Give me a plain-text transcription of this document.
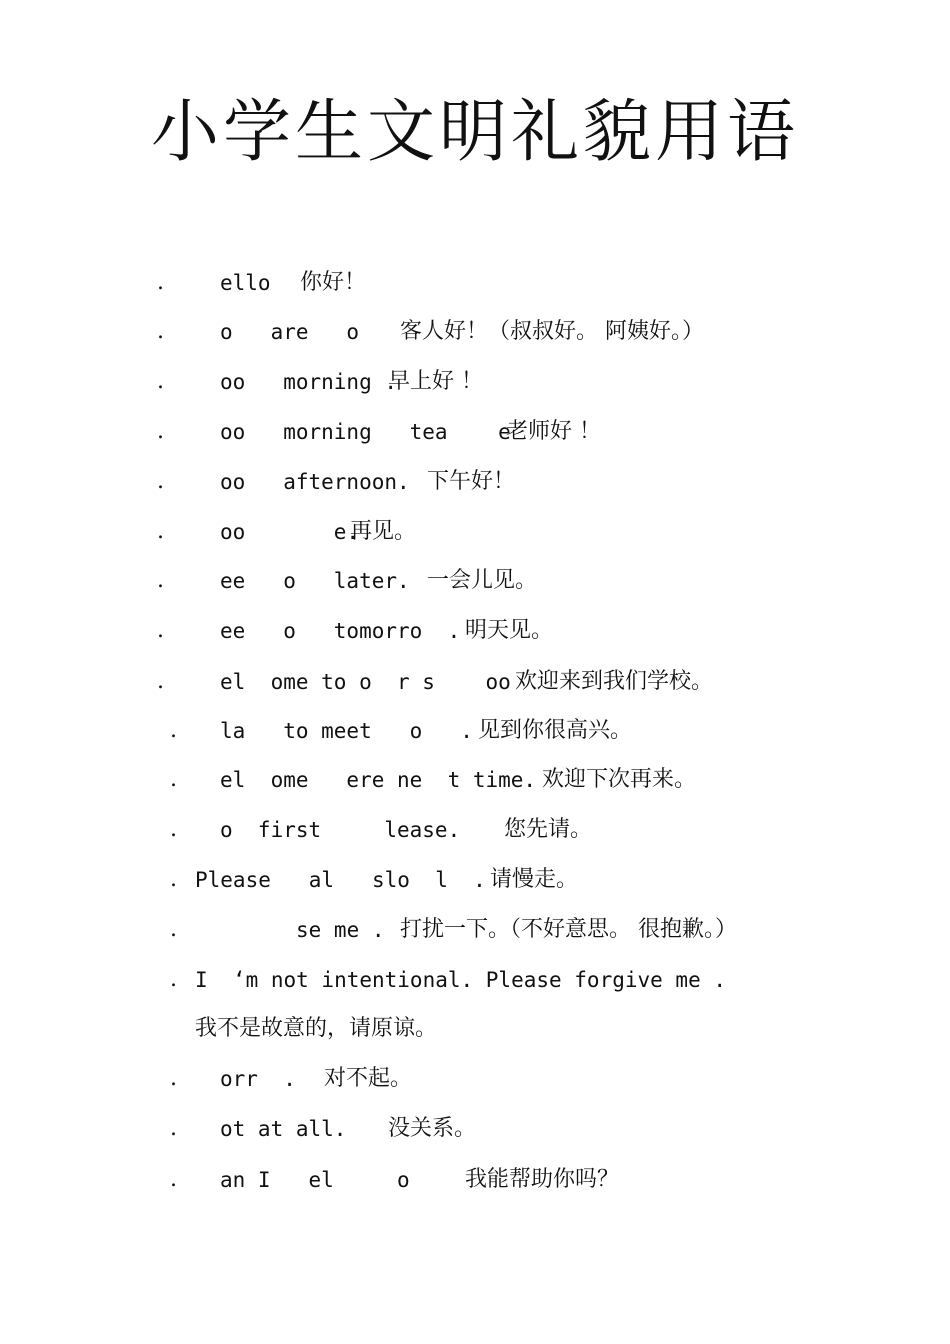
小学生文明礼貌用语

.

	ello

你好！

.

	o   are   o

客人好！（叔叔好。 阿姨好。）

.

	oo   morning .

早上好 ！

.

	oo   morning   tea    e

老师好 ！

.

	oo   afternoon.

下午好！

.

	oo       e.

再见。

.

	ee   o   later.

一会儿见。

.

	ee   o   tomorro  .

明天见。

.

	el  ome to o  r s    oo

欢迎来到我们学校。

.

la   to meet   o   .

见到你很高兴。

.

el  ome   ere ne  t time.

欢迎下次再来。

.

o  first     lease.

您先请。

.

Please   al   slo  l  .

请慢走。

.

	se me .

打扰一下。（不好意思。 很抱歉。）

.

I  ‘m not intentional. Please forgive me .

我不是故意的，请原谅。

.

orr  .

对不起。

.

ot at all.

没关系。

.

an I   el     o

	我能帮助你吗？
